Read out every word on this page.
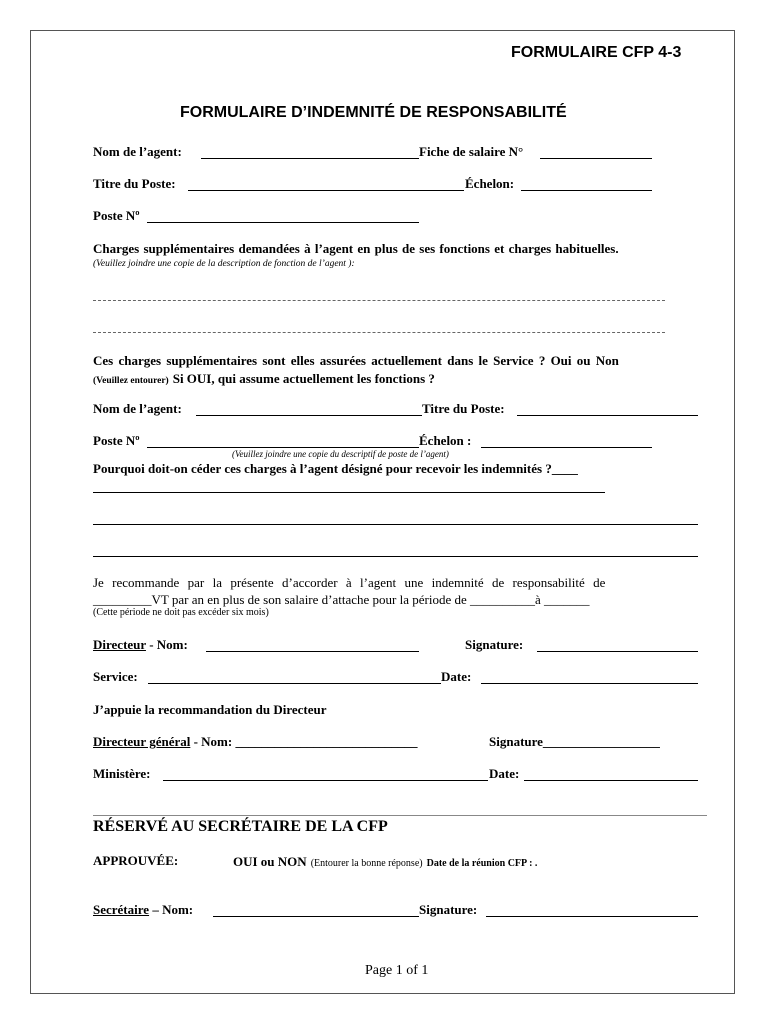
FORMULAIRE CFP 4-3
FORMULAIRE D’INDEMNITÉ DE RESPONSABILITÉ
Nom de l’agent:	Fiche de salaire N°
Titre du Poste:	Échelon:
Poste Nº
Charges supplémentaires demandées à l’agent en plus de ses fonctions et charges habituelles.
(Veuillez joindre une copie de la description de fonction de l’agent ):
Ces charges supplémentaires sont elles assurées actuellement dans le Service ? Oui ou Non
(Veuillez entourer) Si OUI, qui assume actuellement les fonctions ?
Nom de l’agent:	Titre du Poste:
Poste Nº	Échelon :
(Veuillez joindre une copie du descriptif de poste de l’agent)
Pourquoi doit-on céder ces charges à l’agent désigné pour recevoir les indemnités ?____
Je recommande par la présente d’accorder à l’agent une indemnité de responsabilité de
_________VT par an en plus de son salaire d’attache pour la période de __________à _______
(Cette période ne doit pas excéder six mois)
Directeur - Nom:	Signature:
Service:	Date:
J’appuie la recommandation du Directeur
Directeur général - Nom: ____________________________	Signature__________________
Ministère:	Date:
RÉSERVÉ AU SECRÉTAIRE DE LA CFP
APPROUVÉE:	OUI ou NON (Entourer la bonne réponse) Date de la réunion CFP : .
Secrétaire – Nom:	Signature:
Page 1 of 1
